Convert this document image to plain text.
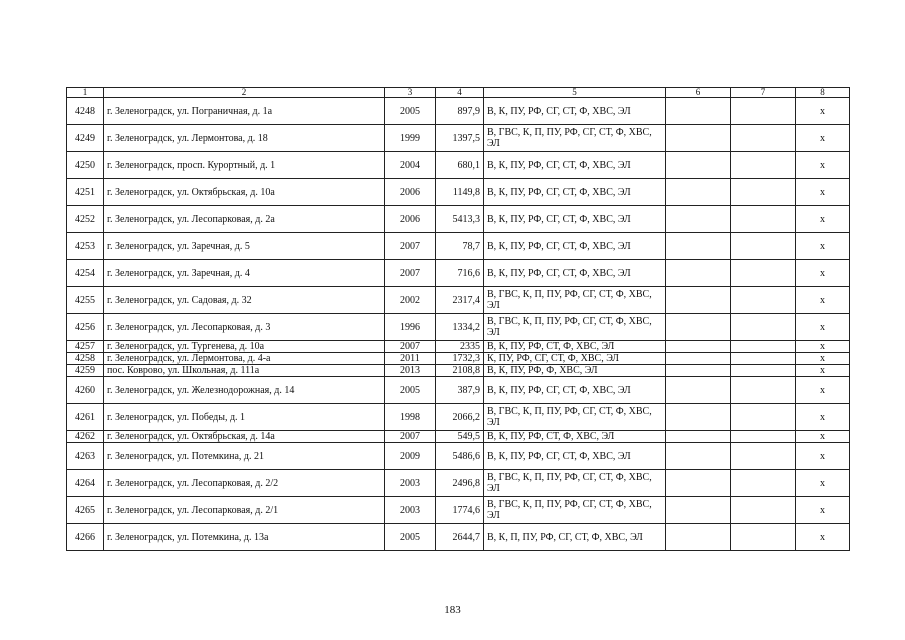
1	2	3	4	5	6	7	8
4248	г. Зеленоградск, ул. Пограничная, д. 1а	2005	897,9	В, К, ПУ, РФ, СГ, СТ, Ф, ХВС, ЭЛ			х
4249	г. Зеленоградск, ул. Лермонтова, д. 18	1999	1397,5	В, ГВС, К, П, ПУ, РФ, СГ, СТ, Ф, ХВС, ЭЛ			х
4250	г. Зеленоградск, просп. Курортный, д. 1	2004	680,1	В, К, ПУ, РФ, СГ, СТ, Ф, ХВС, ЭЛ			х
4251	г. Зеленоградск, ул. Октябрьская, д. 10а	2006	1149,8	В, К, ПУ, РФ, СГ, СТ, Ф, ХВС, ЭЛ			х
4252	г. Зеленоградск, ул. Лесопарковая, д. 2а	2006	5413,3	В, К, ПУ, РФ, СГ, СТ, Ф, ХВС, ЭЛ			х
4253	г. Зеленоградск, ул. Заречная, д. 5	2007	78,7	В, К, ПУ, РФ, СГ, СТ, Ф, ХВС, ЭЛ			х
4254	г. Зеленоградск, ул. Заречная, д. 4	2007	716,6	В, К, ПУ, РФ, СГ, СТ, Ф, ХВС, ЭЛ			х
4255	г. Зеленоградск, ул. Садовая, д. 32	2002	2317,4	В, ГВС, К, П, ПУ, РФ, СГ, СТ, Ф, ХВС, ЭЛ			х
4256	г. Зеленоградск, ул. Лесопарковая, д. 3	1996	1334,2	В, ГВС, К, П, ПУ, РФ, СГ, СТ, Ф, ХВС, ЭЛ			х
4257	г. Зеленоградск, ул. Тургенева, д. 10а	2007	2335	В, К, ПУ, РФ, СТ, Ф, ХВС, ЭЛ			х
4258	г. Зеленоградск, ул. Лермонтова, д. 4-а	2011	1732,3	К, ПУ, РФ, СГ, СТ, Ф, ХВС, ЭЛ			х
4259	пос. Коврово, ул. Школьная, д. 111а	2013	2108,8	В, К, ПУ, РФ, Ф, ХВС, ЭЛ			х
4260	г. Зеленоградск, ул. Железнодорожная, д. 14	2005	387,9	В, К, ПУ, РФ, СГ, СТ, Ф, ХВС, ЭЛ			х
4261	г. Зеленоградск, ул. Победы, д. 1	1998	2066,2	В, ГВС, К, П, ПУ, РФ, СГ, СТ, Ф, ХВС, ЭЛ			х
4262	г. Зеленоградск, ул. Октябрьская, д. 14а	2007	549,5	В, К, ПУ, РФ, СТ, Ф, ХВС, ЭЛ			х
4263	г. Зеленоградск, ул. Потемкина, д. 21	2009	5486,6	В, К, ПУ, РФ, СГ, СТ, Ф, ХВС, ЭЛ			х
4264	г. Зеленоградск, ул. Лесопарковая, д. 2/2	2003	2496,8	В, ГВС, К, П, ПУ, РФ, СГ, СТ, Ф, ХВС, ЭЛ			х
4265	г. Зеленоградск, ул. Лесопарковая, д. 2/1	2003	1774,6	В, ГВС, К, П, ПУ, РФ, СГ, СТ, Ф, ХВС, ЭЛ			х
4266	г. Зеленоградск, ул. Потемкина, д. 13а	2005	2644,7	В, К, П, ПУ, РФ, СГ, СТ, Ф, ХВС, ЭЛ			х
183
